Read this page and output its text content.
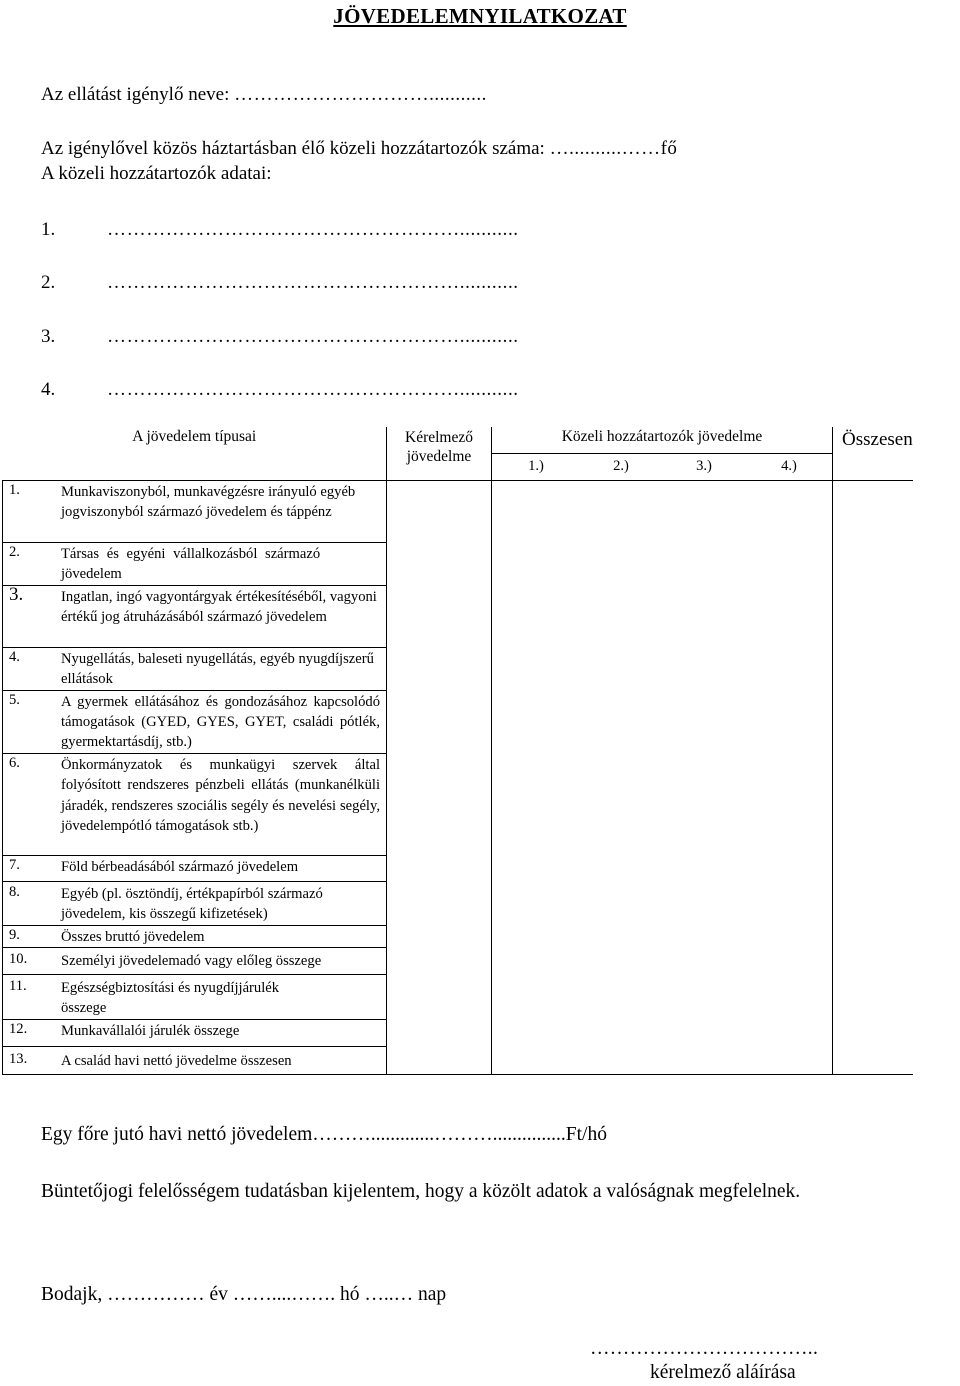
JÖVEDELEMNYILATKOZAT
Az ellátást igénylő neve: …………………………...........
Az igénylővel közös háztartásban élő közeli hozzátartozók száma: …..........……fő
A közeli hozzátartozók adatai:
1.	………………………………………………...........
2.	………………………………………………...........
3.	………………………………………………...........
4.	………………………………………………...........
A jövedelem típusai	Kérelmező jövedelme	Közeli hozzátartozók jövedelme				Összesen

		1.)	2.)	3.)	4.)	

1. Munkaviszonyból, munkavégzésre irányuló egyéb jogviszonyból származó jövedelem és táppénz						

2. Társas és egyéni vállalkozásból származó jövedelem						

3. Ingatlan, ingó vagyontárgyak értékesítéséből, vagyoni értékű jog átruházásából származó jövedelem						

4. Nyugellátás, baleseti nyugellátás, egyéb nyugdíjszerű ellátások						

5. A gyermek ellátásához és gondozásához kapcsolódó támogatások (GYED, GYES, GYET, családi pótlék, gyermektartásdíj, stb.)						

6. Önkormányzatok és munkaügyi szervek által folyósított rendszeres pénzbeli ellátás (munkanélküli járadék, rendszeres szociális segély és nevelési segély, jövedelempótló támogatások stb.)						

7. Föld bérbeadásából származó jövedelem						

8. Egyéb (pl. ösztöndíj, értékpapírból származó jövedelem, kis összegű kifizetések)						

9. Összes bruttó jövedelem						

10. Személyi jövedelemadó vagy előleg összege						

11. Egészségbiztosítási és nyugdíjjárulék összege						

12. Munkavállalói járulék összege						

13. A család havi nettó jövedelme összesen						
Egy főre jutó havi nettó jövedelem……….............………...............Ft/hó
Büntetőjogi felelősségem tudatásban kijelentem, hogy a közölt adatok a valóságnak megfelelnek.
Bodajk, …………… év ……....……. hó …..… nap
……………………………..
kérelmező aláírása
